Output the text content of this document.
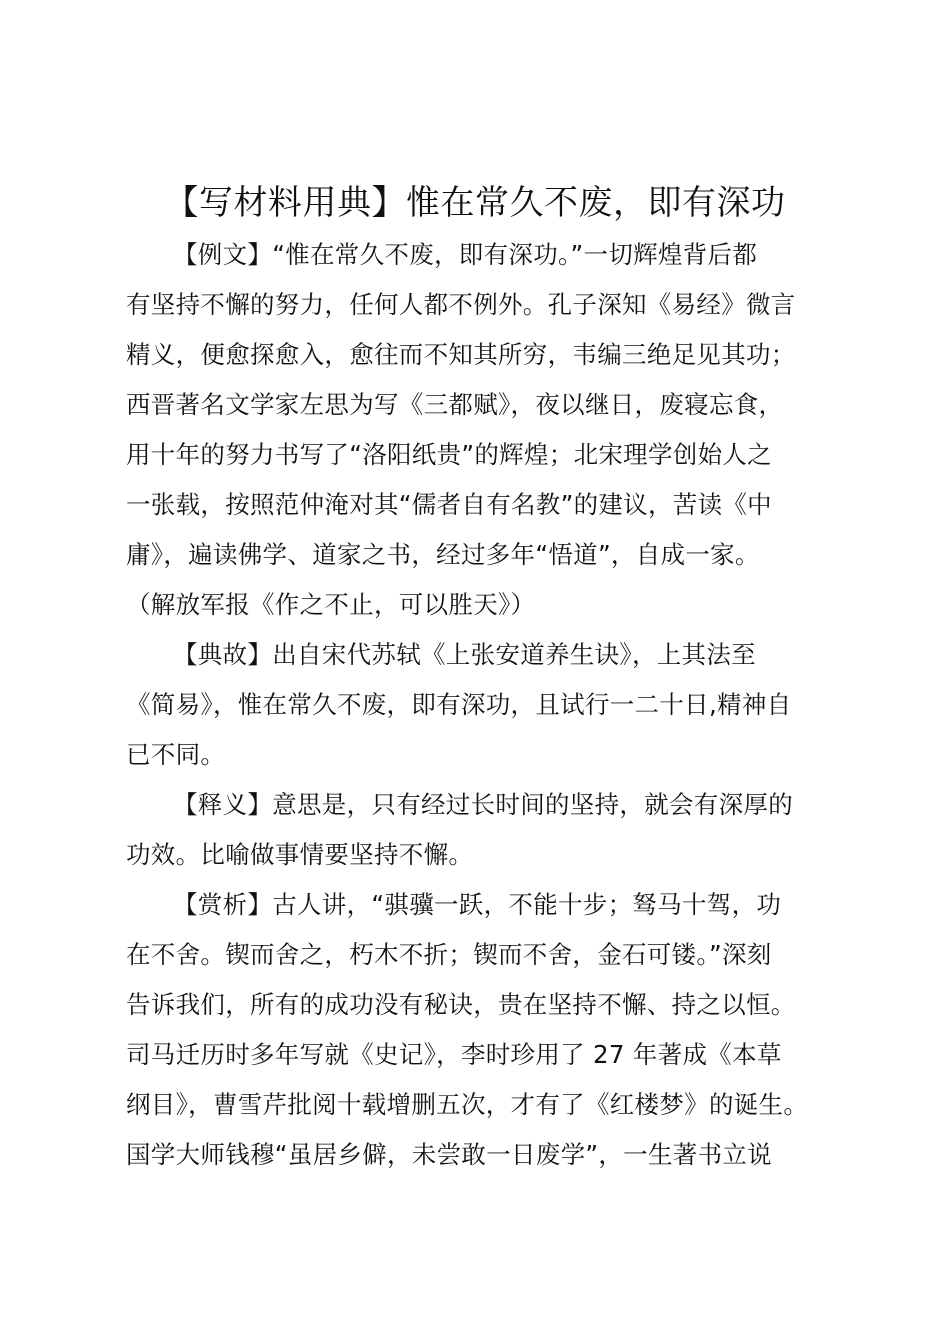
【写材料用典】惟在常久不废，即有深功
【例文】“惟在常久不废，即有深功。”一切辉煌背后都
有坚持不懈的努力，任何人都不例外。孔子深知《易经》微言
精义，便愈探愈入，愈往而不知其所穷，韦编三绝足见其功；
西晋著名文学家左思为写《三都赋》，夜以继日，废寝忘食，
用十年的努力书写了“洛阳纸贵”的辉煌；北宋理学创始人之
一张载，按照范仲淹对其“儒者自有名教”的建议，苦读《中
庸》，遍读佛学、道家之书，经过多年“悟道”，自成一家。
（解放军报《作之不止，可以胜天》）
【典故】出自宋代苏轼《上张安道养生诀》，上其法至
《简易》，惟在常久不废，即有深功，且试行一二十日,精神自
已不同。
【释义】意思是，只有经过长时间的坚持，就会有深厚的
功效。比喻做事情要坚持不懈。
【赏析】古人讲，“骐骥一跃，不能十步；驽马十驾，功
在不舍。锲而舍之，朽木不折；锲而不舍，金石可镂。”深刻
告诉我们，所有的成功没有秘诀，贵在坚持不懈、持之以恒。
司马迁历时多年写就《史记》，李时珍用了 27 年著成《本草
纲目》，曹雪芹批阅十载增删五次，才有了《红楼梦》的诞生。
国学大师钱穆“虽居乡僻，未尝敢一日废学”，一生著书立说
